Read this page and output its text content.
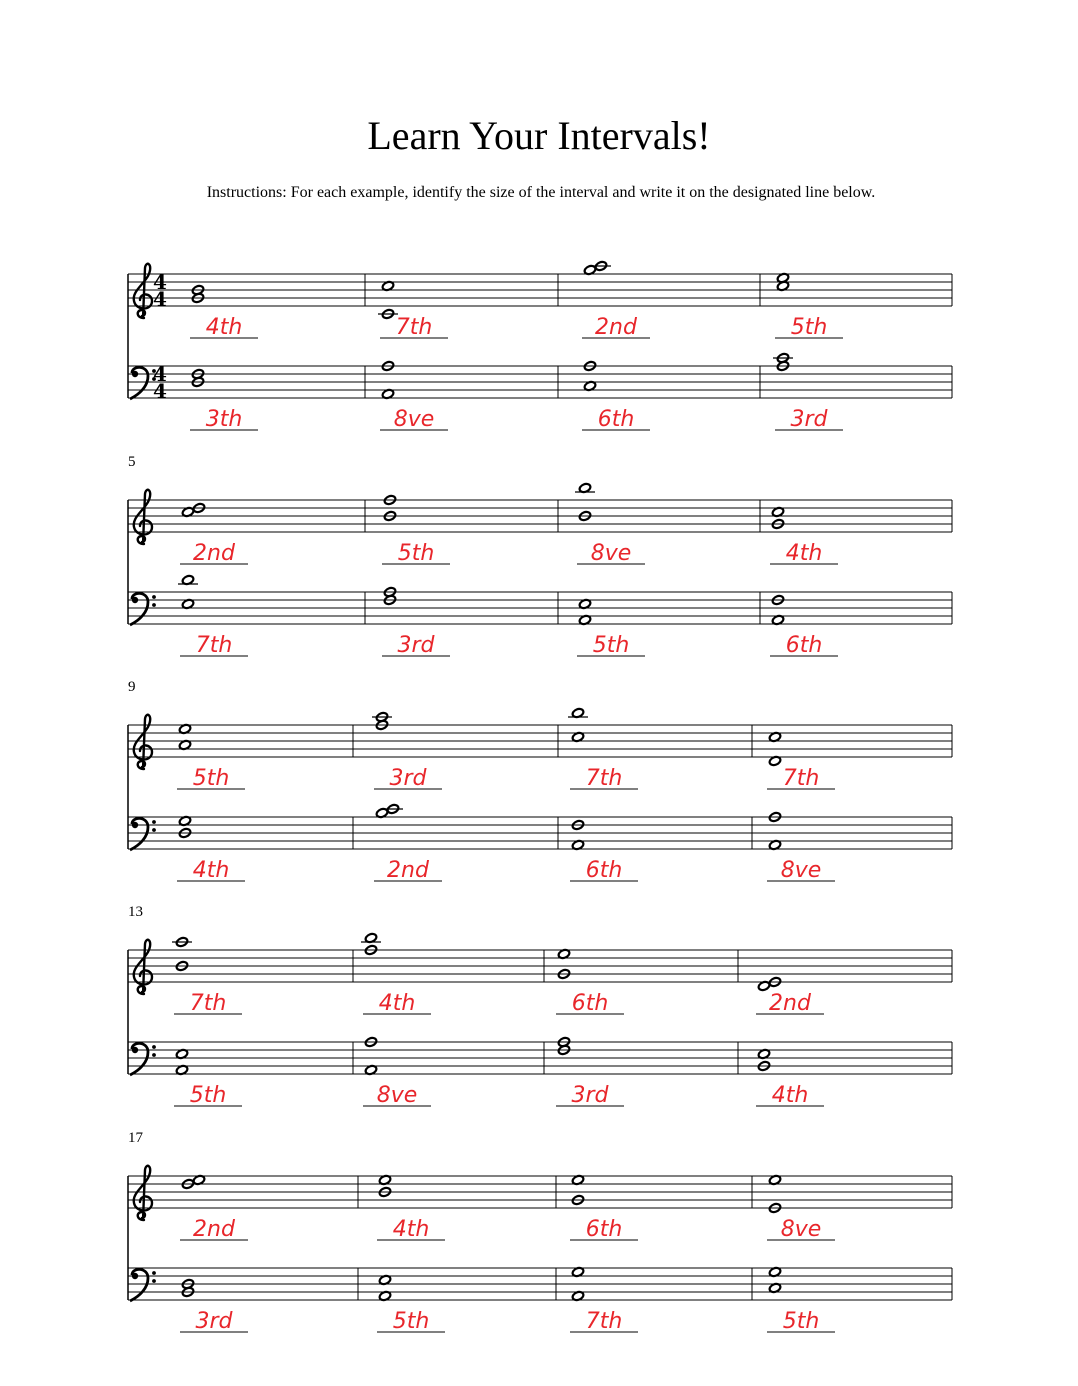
Learn Your Intervals!
Instructions: For each example, identify the size of the interval and write it on the designated line below.
4
4
4
4
4th	7th	2nd	5th
3th	8ve	6th	3rd
5
2nd	5th	8ve	4th
7th	3rd	5th	6th
9
5th	3rd	7th	7th
4th	2nd	6th	8ve
13
7th	4th	6th	2nd
5th	8ve	3rd	4th
17
2nd	4th	6th	8ve
3rd	5th	7th	5th
